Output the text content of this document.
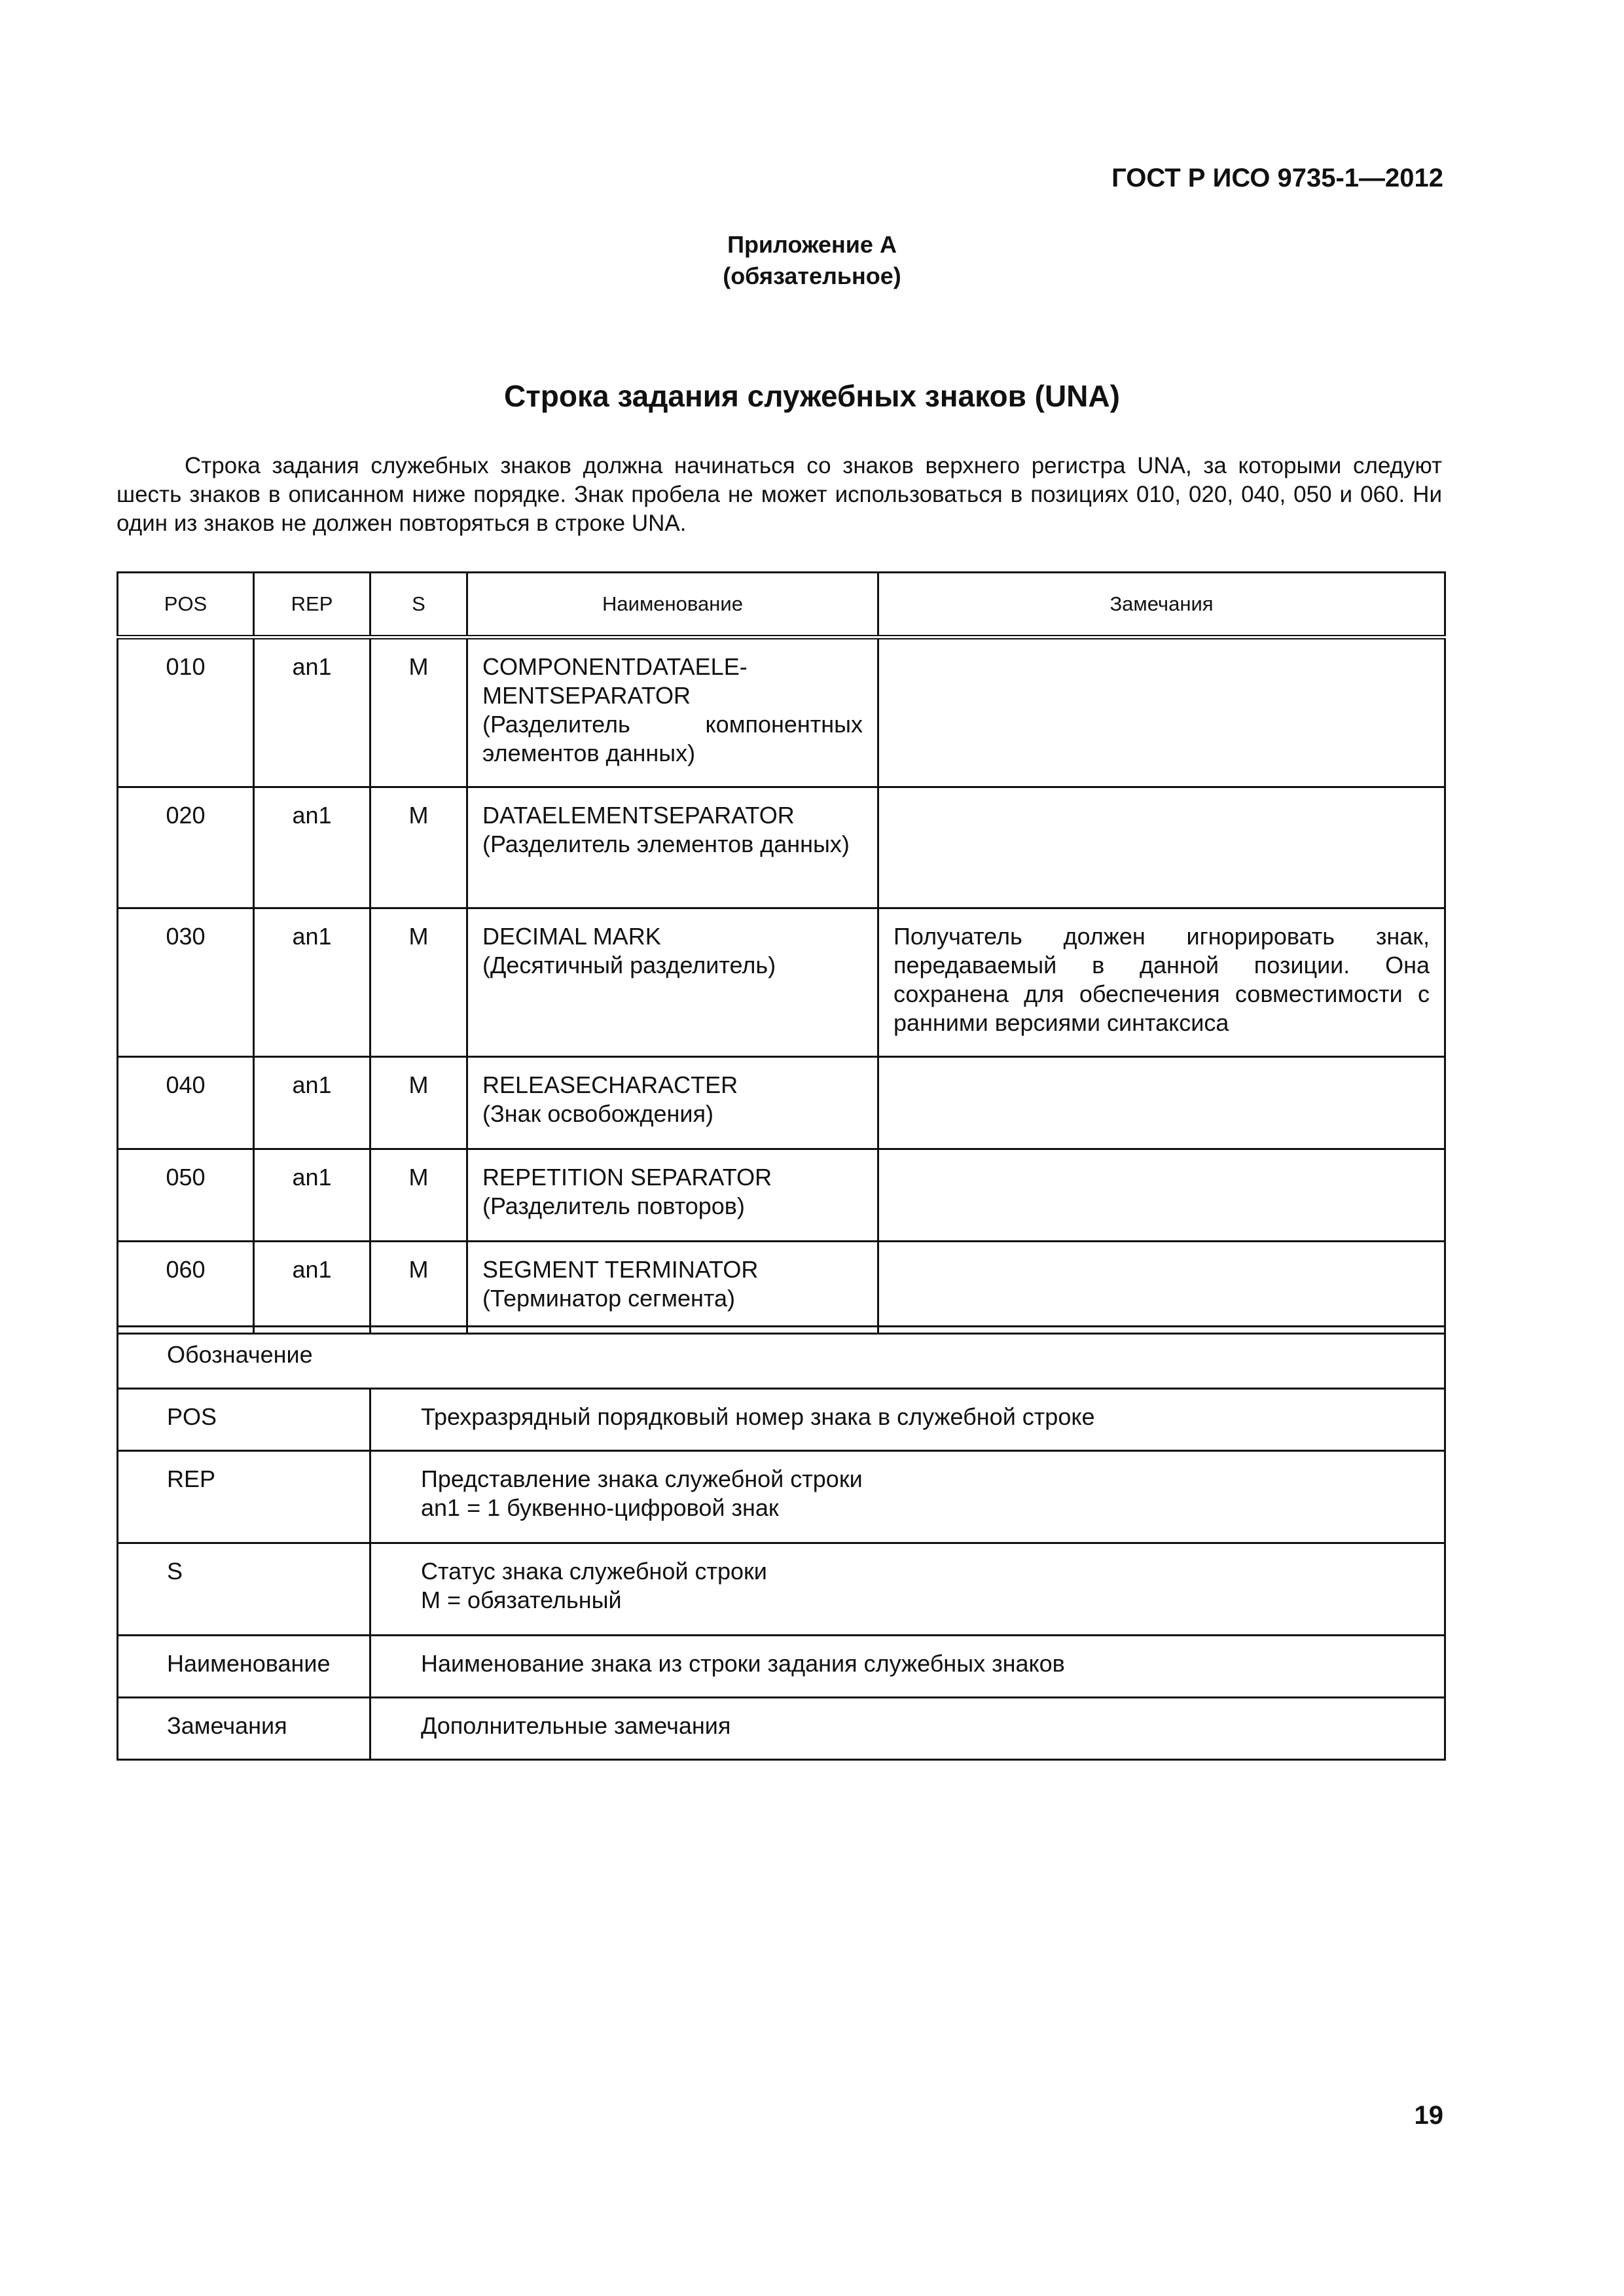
ГОСТ Р ИСО 9735-1—2012
Приложение А
(обязательное)
Строка задания служебных знаков (UNA)

Строка задания служебных знаков должна начинаться со знаков верхнего регистра UNA, за которыми следуют шесть знаков в описанном ниже порядке. Знак пробела не может использоваться в позициях 010, 020, 040, 050 и 060. Ни один из знаков не должен повторяться в строке UNA.

POS	REP	S	Наименование	Замечания
010	an1	M	COMPONENTDATAELE-MENTSEPARATOR
(Разделитель компонентных элементов данных)	

020	an1	M	DATAELEMENTSEPARATOR
(Разделитель элементов данных)	

030	an1	M	DECIMAL MARK
(Десятичный разделитель)	Получатель должен игнорировать знак, передаваемый в данной позиции. Она сохранена для обеспечения совместимости с ранними версиями синтаксиса
040	an1	M	RELEASECHARACTER
(Знак освобождения)	

050	an1	M	REPETITION SEPARATOR
(Разделитель повторов)	

060	an1	M	SEGMENT TERMINATOR
(Терминатор сегмента)	

Обозначение	
POS	Трехразрядный порядковый номер знака в служебной строке

REP	Представление знака служебной строки
an1 = 1 буквенно-цифровой знак

S	Статус знака служебной строки
M = обязательный

Наименование	Наименование знака из строки задания служебных знаков

Замечания	Дополнительные замечания
19
